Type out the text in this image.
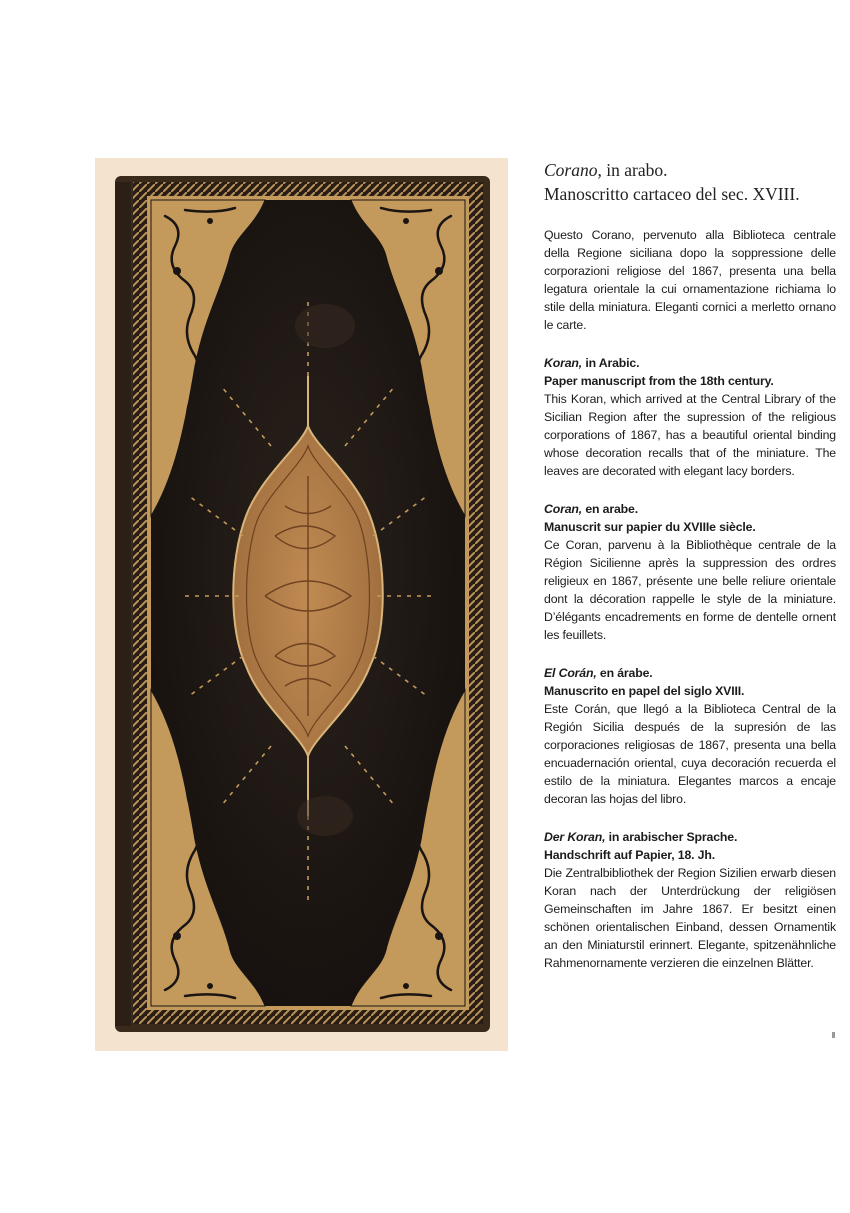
Corano, in arabo.
Manoscritto cartaceo del sec. XVIII.

Questo Corano, pervenuto alla Biblioteca centrale della Regione siciliana dopo la soppressione delle corporazioni religiose del 1867, presenta una bella legatura orientale la cui ornamentazione richiama lo stile della miniatura. Eleganti cornici a merletto ornano le carte.

Koran, in Arabic.
Paper manuscript from the 18th century.
This Koran, which arrived at the Central Library of the Sicilian Region after the supression of the religious corporations of 1867, has a beautiful oriental binding whose decoration recalls that of the miniature. The leaves are decorated with elegant lacy borders.

Coran, en arabe.
Manuscrit sur papier du XVIIIe siècle.
Ce Coran, parvenu à la Bibliothèque centrale de la Région Sicilienne après la suppression des ordres religieux en 1867, présente une belle reliure orientale dont la décoration rappelle le style de la miniature. D’élégants encadrements en forme de dentelle ornent les feuillets.

El Corán, en árabe.
Manuscrito en papel del siglo XVIII.
Este Corán, que llegó a la Biblioteca Central de la Región Sicilia después de la supresión de las corporaciones religiosas de 1867, presenta una bella encuadernación oriental, cuya decoración recuerda el estilo de la miniatura. Elegantes marcos a encaje decoran las hojas del libro.

Der Koran, in arabischer Sprache.
Handschrift auf Papier, 18. Jh.
Die Zentralbibliothek der Region Sizilien erwarb diesen Koran nach der Unterdrückung der religiösen Gemeinschaften im Jahre 1867. Er besitzt einen schönen orientalischen Einband, dessen Ornamentik an den Miniaturstil erinnert. Elegante, spitzenähnliche Rahmenornamente verzieren die einzelnen Blätter.
